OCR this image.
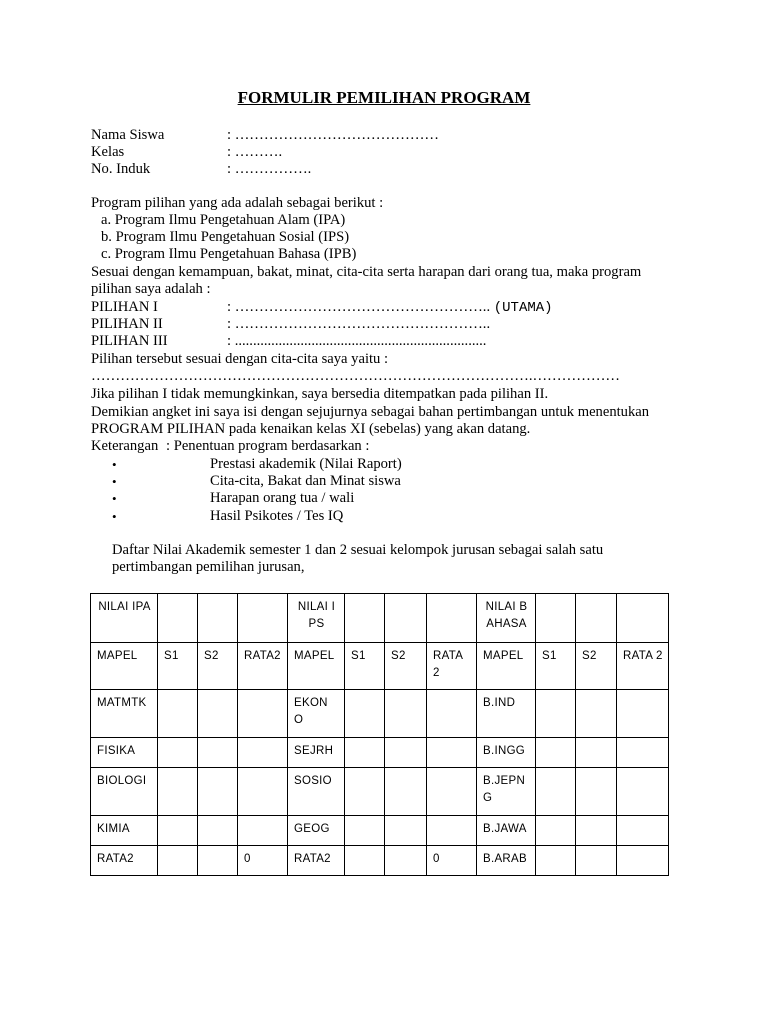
FORMULIR PEMILIHAN PROGRAM
Nama Siswa	: ……………………………………
Kelas	: ……….
No. Induk	: …………….
Program pilihan yang ada adalah sebagai berikut :
a. Program Ilmu Pengetahuan Alam (IPA)
b. Program Ilmu Pengetahuan Sosial (IPS)
c. Program Ilmu Pengetahuan Bahasa (IPB)
Sesuai dengan kemampuan, bakat, minat, cita-cita serta harapan dari orang tua, maka program
pilihan saya adalah :
PILIHAN I	: …………………………………………….. (UTAMA)
PILIHAN II	: ……………………………………………..
PILIHAN III	: .....................................................................
Pilihan tersebut sesuai dengan cita-cita saya yaitu :
……………………………………………………………………………….………………
Jika pilihan I tidak memungkinkan, saya bersedia ditempatkan pada pilihan II.
Demikian angket ini saya isi dengan sejujurnya sebagai bahan pertimbangan untuk menentukan
PROGRAM PILIHAN pada kenaikan kelas XI (sebelas) yang akan datang.
Keterangan : Penentuan program berdasarkan :
•	Prestasi akademik (Nilai Raport)
•	Cita-cita, Bakat dan Minat siswa
•	Harapan orang tua / wali
•	Hasil Psikotes / Tes IQ
Daftar Nilai Akademik semester 1 dan 2 sesuai kelompok jurusan sebagai salah satu
pertimbangan pemilihan jurusan,
NILAI IPA				NILAI IPS				NILAI BAHASA			
MAPEL	S1	S2	RATA2	MAPEL	S1	S2	RATA 2	MAPEL	S1	S2	RATA 2
MATMTK				EKON O				B.IND			
FISIKA				SEJRH				B.INGG			
BIOLOGI				SOSIO				B.JEPN G			
KIMIA				GEOG				B.JAWA			
RATA2			0	RATA2			0	B.ARAB			
